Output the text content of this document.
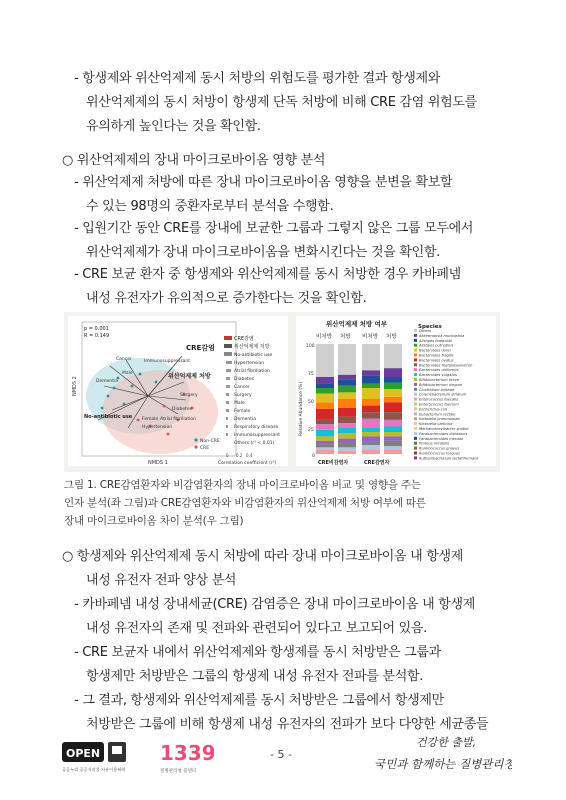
- 항생제와 위산억제제 동시 처방의 위험도를 평가한 결과 항생제와
위산억제제의 동시 처방이 항생제 단독 처방에 비해 CRE 감염 위험도를
유의하게 높인다는 것을 확인함.
○ 위산억제제의 장내 마이크로바이옴 영향 분석
- 위산억제제 처방에 따른 장내 마이크로바이옴 영향을 분변을 확보할
수 있는 98명의 중환자로부터 분석을 수행함.
- 입원기간 동안 CRE를 장내에 보균한 그룹과 그렇지 않은 그룹 모두에서
위산억제제가 장내 마이크로바이옴을 변화시킨다는 것을 확인함.
- CRE 보균 환자 중 항생제와 위산억제제를 동시 처방한 경우 카바페넴
내성 유전자가 유의적으로 증가한다는 것을 확인함.
p = 0.001
R = 0.149
CRE감염
위산억제제 처방
Cancer	Immunosuppressant
Male
Dementia
Surgery
Diabetes
Atrial fibrillation
Female
Hypertension
No-antibiotic use
NMDS 1
NMDS 2
CRE감염
위산억제제 처방
No-antibiotic use
Hypertension
Atrial fibrillation
Diabetes
Cancer
Surgery
Male
Female
Dementia
Respiratory disease
Immunosuppressant
Others (r² < 0.01)
Non-CRE
CRE
0 0.2 0.4
Correlation coefficient (r²)
위산억제제 처방 여부
비처방 처방 비처방 처방
100
75
50
25
0
Relative Abundance (%)
CRE비감염자	CRE감염자
Species
Others
Akkermansia muciniphila
Alistipes finegoldii
Alistipes putredinis
Bacteroides dorei
Bacteroides fragilis
Bacteroides ovatus
Bacteroides thetaiotaomicron
Bacteroides uniformis
Bacteroides vulgatus
Bifidobacterium breve
Bifidobacterium longum
Clostridium bolteae
Corynebacterium striatum
Enterococcus faecalis
Enterococcus faecium
Escherichia coli
Eubacterium rectale
Klebsiella pneumoniae
Klebsiella variicola
Methanobrevibacter smithii
Parabacteroides distasonis
Parabacteroides merdae
Proteus mirabilis
Ruminococcus gnavus
Ruminococcus torques
Ruthenibacterium lactatiformans
그림 1. CRE감염환자와 비감염환자의 장내 마이크로바이옴 비교 및 영향을 주는
인자 분석(좌 그림)과 CRE감염환자와 비감염환자의 위산억제제 처방 여부에 따른
장내 마이크로바이옴 차이 분석(우 그림)
○ 항생제와 위산억제제 동시 처방에 따라 장내 마이크로바이옴 내 항생제
내성 유전자 전파 양상 분석
- 카바페넴 내성 장내세균(CRE) 감염증은 장내 마이크로바이옴 내 항생제
내성 유전자의 존재 및 전파와 관련되어 있다고 보고되어 있음.
- CRE 보균자 내에서 위산억제제와 항생제를 동시 처방받은 그룹과
항생제만 처방받은 그룹의 항생제 내성 유전자 전파를 분석함.
- 그 결과, 항생제와 위산억제제를 동시 처방받은 그룹에서 항생제만
처방받은 그룹에 비해 항생제 내성 유전자의 전파가 보다 다양한 세균종들
OPEN
공공누리 공공저작물 자유이용허락
1339
질병관리청 콜센터
- 5 -
건강한 출발,
국민과 함께하는 질병관리청
